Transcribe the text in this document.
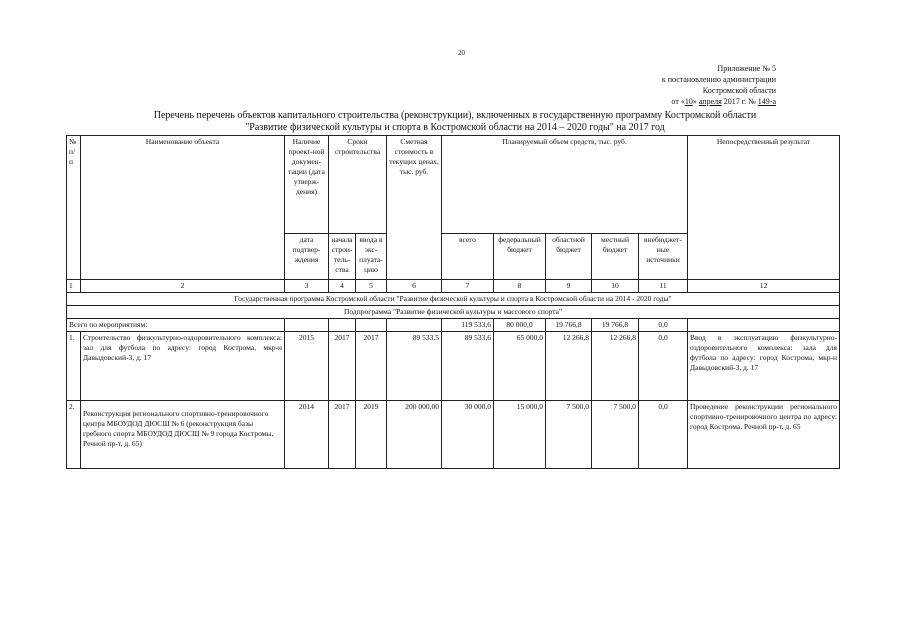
20
Приложение № 5
к постановлению администрации
Костромской области
от «10» апреля 2017 г. № 149-а
Перечень перечень объектов капитального строительства (реконструкции), включенных в государственную программу Костромской области
"Развитие физической культуры и спорта в Костромской области на 2014 – 2020 годы" на 2017 год
№ п/п	Наименование объекта	Наличие проект-ной докумен-тации (дата утверж-дения)	Сроки строительства		Сметная стоимость в текущих ценах, тыс. руб.	Планируемый объем средств, тыс. руб.					Непосредственный результат
		дата подтвер-ждения	начала строи-тель-ства	ввода в экс-плуата-цию		всего	федеральный бюджет	областной бюджет	местный бюджет	внебюджет-ные источники	
1	2	3	4	5	6	7	8	9	10	11	12
Государственная программа Костромской области "Развитие физической культуры и спорта в Костромской области на 2014 - 2020 годы"											
Подпрограмма "Развитие физической культуры и массового спорта"											
Всего по мероприятиям:						119 533,6	80 000,0	19 766,8	19 766,8	0,0	
1.	Строительство физкультурно-оздоровительного комплекса: зал для футбола по адресу: город Кострома, мкр-н Давыдовский-3, д. 17	2015	2017	2017	89 533,5	89 533,6	65 000,0	12 266,8	12 266,8	0,0	Ввод в эксплуатацию физкультурно-оздоровительного комплекса: зала для футбола по адресу: город Кострома, мкр-н Давыдовский-3, д. 17
2.	Реконструкция регионального спортивно-тренировочного центра МБОУДОД ДЮСШ № 6 (реконструкция базы гребного спорта МБОУДОД ДЮСШ № 9 города Костромы, Речной пр-т, д. 65)	2014	2017	2019	200 000,00	30 000,0	15 000,0	7 500,0	7 500,0	0,0	Проведение реконструкции регионального спортивно-тренировочного центра по адресу: город Кострома, Речной пр-т, д. 65
